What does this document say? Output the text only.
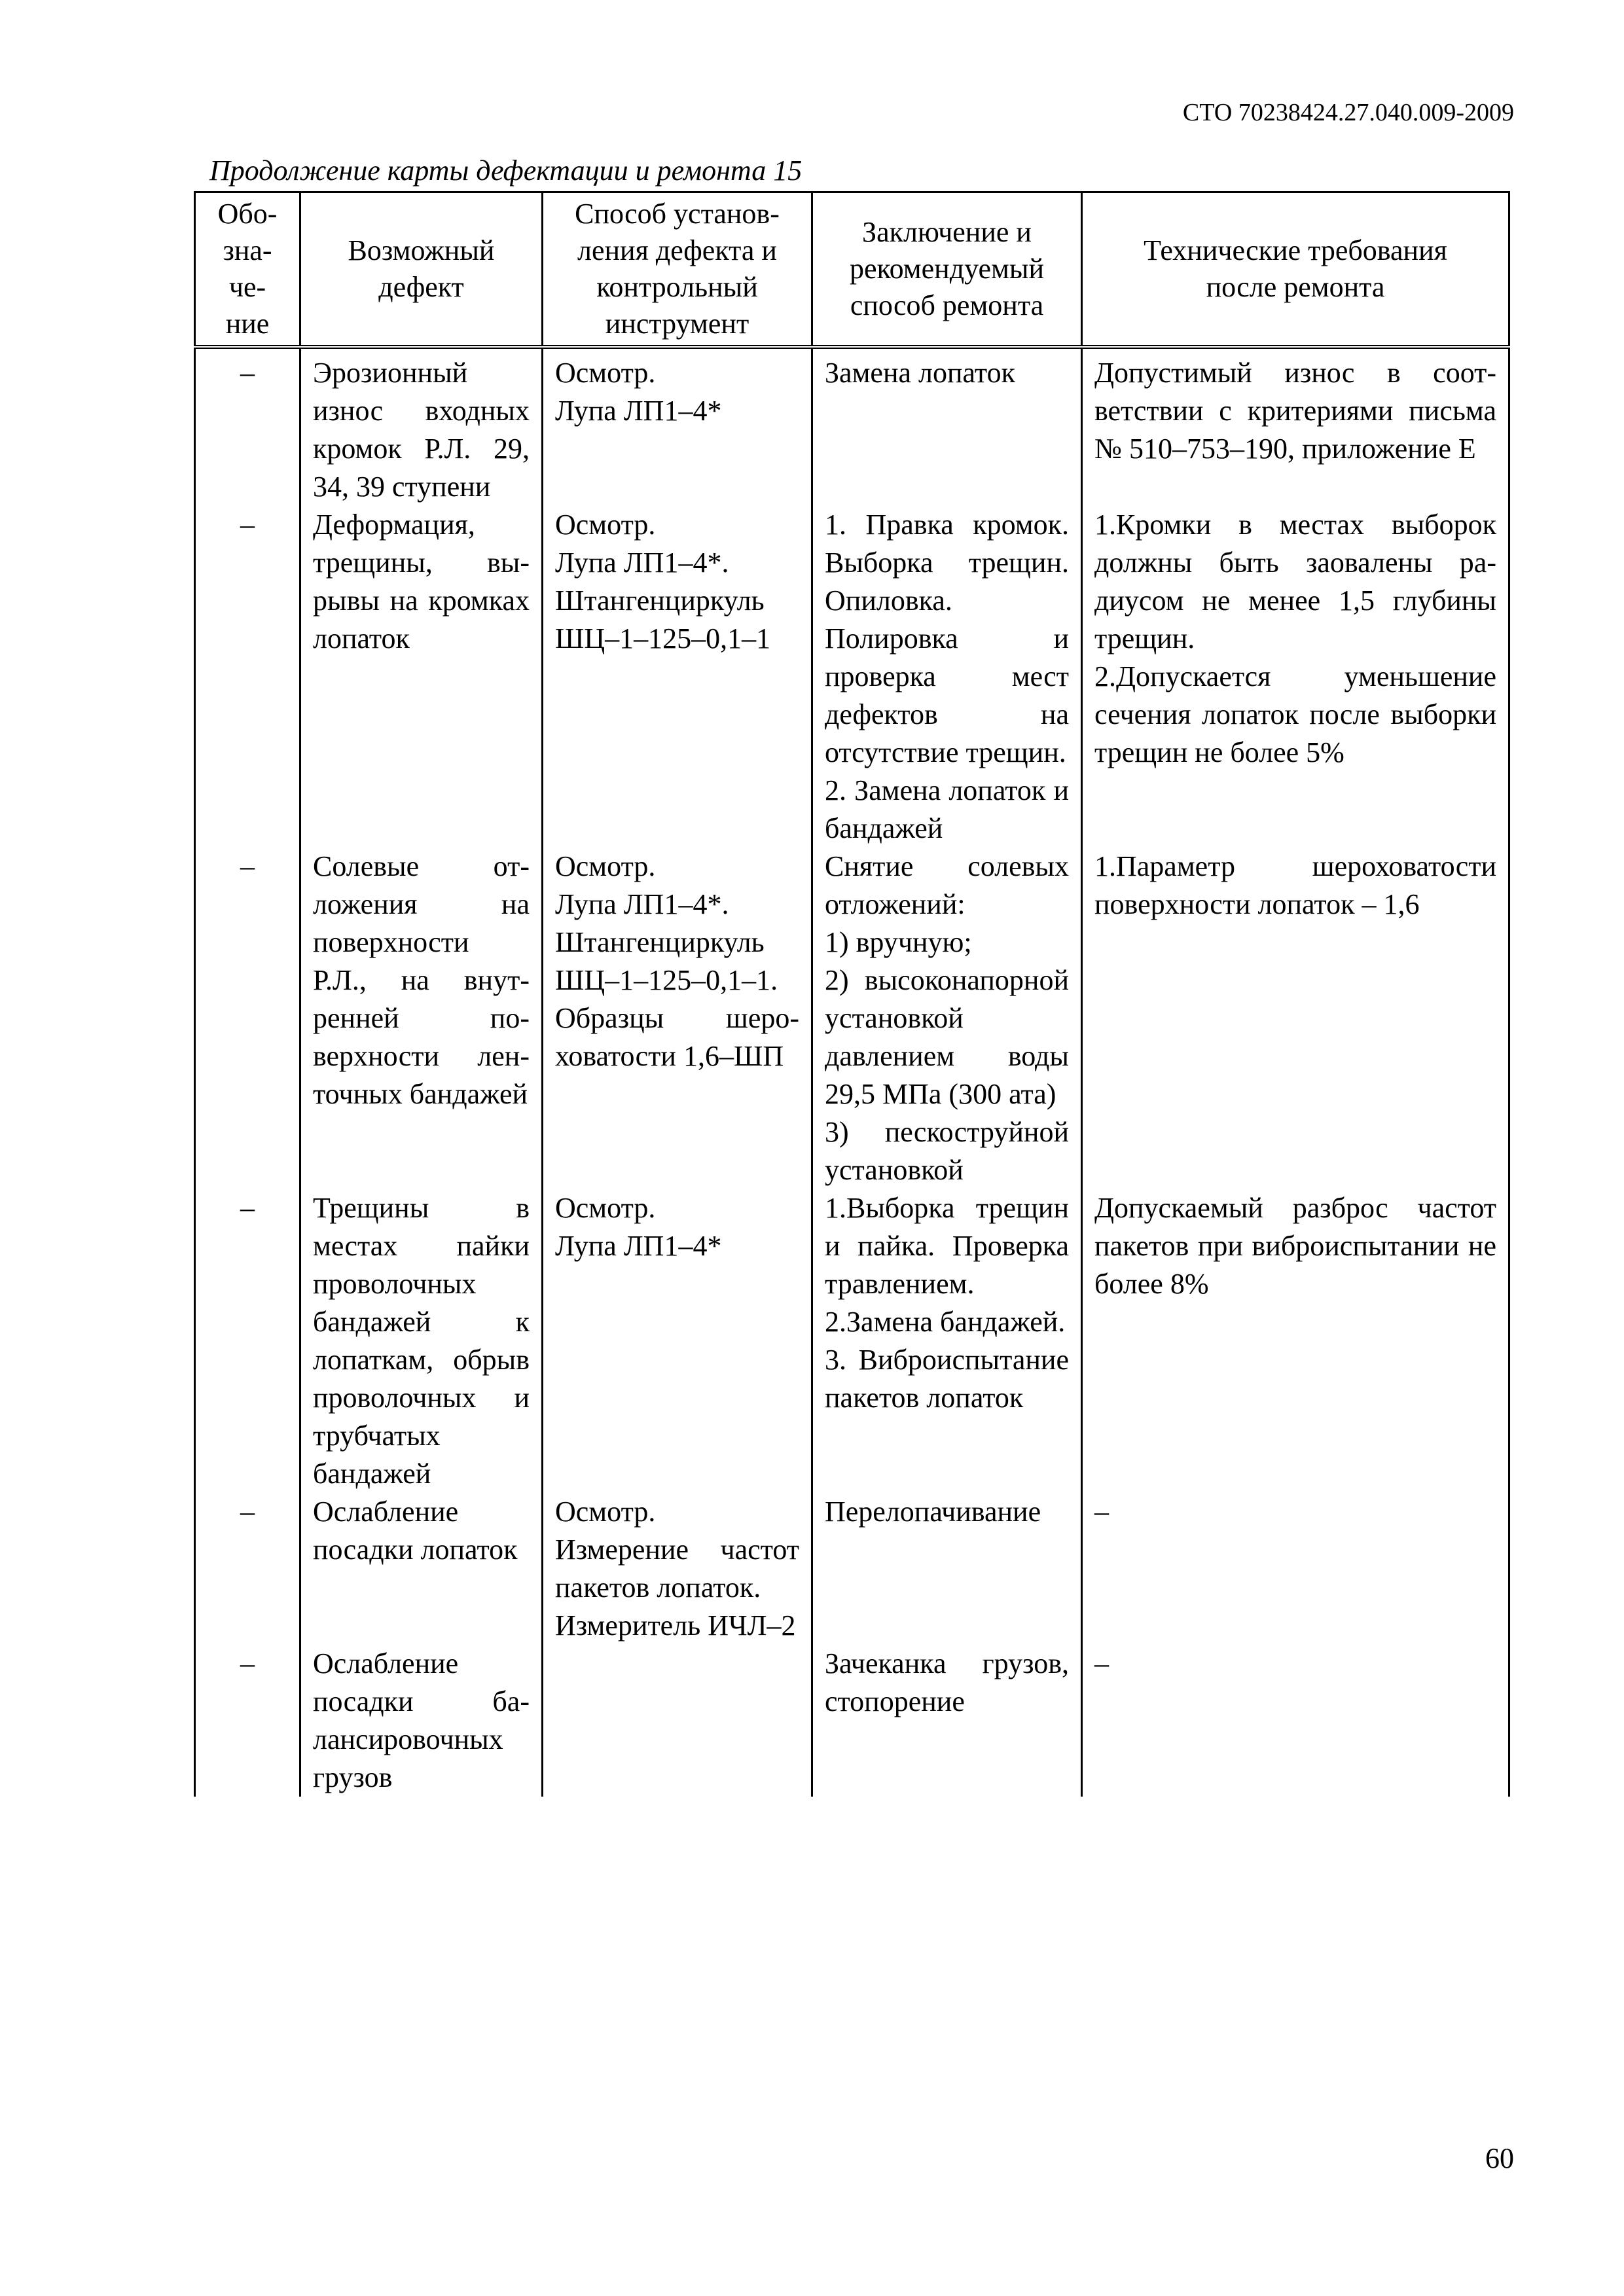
СТО 70238424.27.040.009-2009
Продолжение карты дефектации и ремонта 15
Обо-
зна-
че-
ние	Возможный
дефект	Способ установ-
ления дефекта и
контрольный
инструмент	Заключение и
рекомендуемый
способ ремонта	Технические требования
после ремонта

–	Эрозионный износ входных кромок Р.Л. 29, 34, 39 ступени	Осмотр.
Лупа ЛП1–4*	Замена лопаток	Допустимый износ в соответствии с критериями письма № 510–753–190, приложение Е

–	Деформация, трещины, вырывы на кромках лопаток	Осмотр.
Лупа ЛП1–4*.
Штангенциркуль ШЦ–1–125–0,1–1	1. Правка кромок. Выборка трещин. Опиловка. Полировка и проверка мест дефектов на отсутствие трещин.
2. Замена лопаток и бандажей	1.Кромки в местах выборок должны быть заовалены радиусом не менее 1,5 глубины трещин.
2.Допускается уменьшение сечения лопаток после выборки трещин не более 5%

–	Солевые отложения на поверхности Р.Л., на внутренней поверхности ленточных бандажей	Осмотр.
Лупа ЛП1–4*.
Штангенциркуль ШЦ–1–125–0,1–1.
Образцы шероховатости 1,6–ШП	Снятие солевых отложений:
1) вручную;
2) высоконапорной установкой давлением воды 29,5 МПа (300 ата)
3) пескоструйной установкой	1.Параметр шероховатости поверхности лопаток – 1,6

–	Трещины в местах пайки проволочных бандажей к лопаткам, обрыв проволочных и трубчатых бандажей	Осмотр.
Лупа ЛП1–4*	1.Выборка трещин и пайка. Проверка травлением.
2.Замена бандажей.
3. Виброиспытание пакетов лопаток	Допускаемый разброс частот пакетов при виброиспытании не более 8%

–	Ослабление посадки лопаток	Осмотр.
Измерение частот пакетов лопаток.
Измеритель ИЧЛ–2	Перелопачивание	–

–	Ослабление посадки балансировочных грузов		Зачеканка грузов, стопорение	–
60
